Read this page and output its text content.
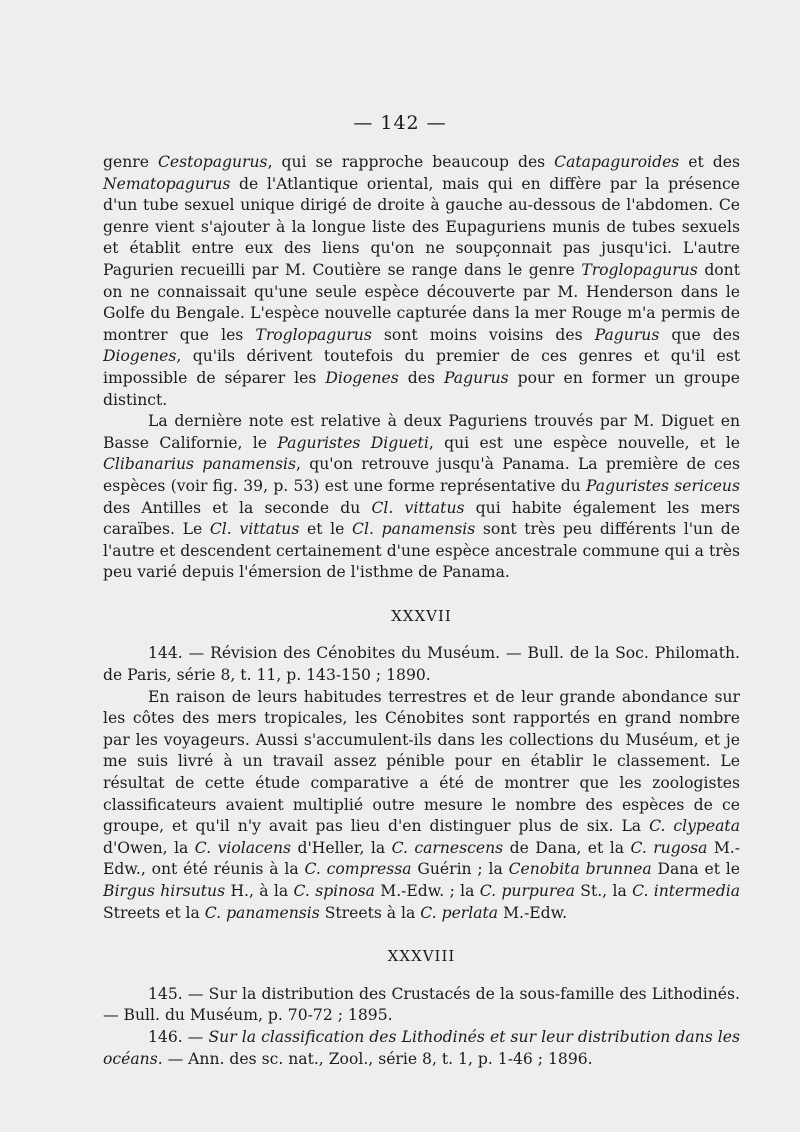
— 142 —

genre Cestopagurus, qui se rapproche beaucoup des Catapaguroides et des Nematopagurus de l'Atlantique oriental, mais qui en diffère par la présence d'un tube sexuel unique dirigé de droite à gauche au-dessous de l'abdomen. Ce genre vient s'ajouter à la longue liste des Eupaguriens munis de tubes sexuels et établit entre eux des liens qu'on ne soupçonnait pas jusqu'ici. L'autre Pagurien recueilli par M. Coutière se range dans le genre Troglopagurus dont on ne connaissait qu'une seule espèce découverte par M. Henderson dans le Golfe du Bengale. L'espèce nouvelle capturée dans la mer Rouge m'a permis de montrer que les Troglopagurus sont moins voisins des Pagurus que des Diogenes, qu'ils dérivent toutefois du premier de ces genres et qu'il est impossible de séparer les Diogenes des Pagurus pour en former un groupe distinct.

La dernière note est relative à deux Paguriens trouvés par M. Diguet en Basse Californie, le Paguristes Digueti, qui est une espèce nouvelle, et le Clibanarius panamensis, qu'on retrouve jusqu'à Panama. La première de ces espèces (voir fig. 39, p. 53) est une forme représentative du Paguristes sericeus des Antilles et la seconde du Cl. vittatus qui habite également les mers caraïbes. Le Cl. vittatus et le Cl. panamensis sont très peu différents l'un de l'autre et descendent certainement d'une espèce ancestrale commune qui a très peu varié depuis l'émersion de l'isthme de Panama.

XXXVII

144. — Révision des Cénobites du Muséum. — Bull. de la Soc. Philomath. de Paris, série 8, t. 11, p. 143-150 ; 1890.

En raison de leurs habitudes terrestres et de leur grande abondance sur les côtes des mers tropicales, les Cénobites sont rapportés en grand nombre par les voyageurs. Aussi s'accumulent-ils dans les collections du Muséum, et je me suis livré à un travail assez pénible pour en établir le classement. Le résultat de cette étude comparative a été de montrer que les zoologistes classificateurs avaient multiplié outre mesure le nombre des espèces de ce groupe, et qu'il n'y avait pas lieu d'en distinguer plus de six. La C. clypeata d'Owen, la C. violacens d'Heller, la C. carnescens de Dana, et la C. rugosa M.-Edw., ont été réunis à la C. compressa Guérin ; la Cenobita brunnea Dana et le Birgus hirsutus H., à la C. spinosa M.-Edw. ; la C. purpurea St., la C. intermedia Streets et la C. panamensis Streets à la C. perlata M.-Edw.

XXXVIII

145. — Sur la distribution des Crustacés de la sous-famille des Lithodinés. — Bull. du Muséum, p. 70-72 ; 1895.

146. — Sur la classification des Lithodinés et sur leur distribution dans les océans. — Ann. des sc. nat., Zool., série 8, t. 1, p. 1-46 ; 1896.
